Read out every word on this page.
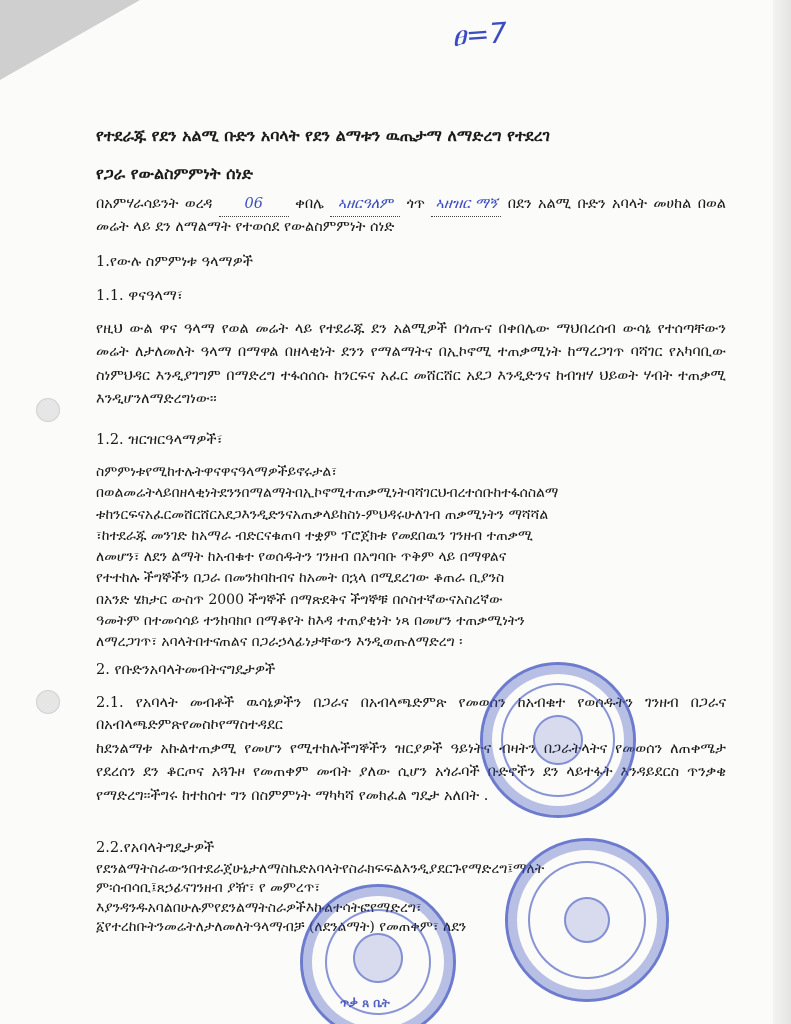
ፀ=7
የተደራጁ የደን አልሚ ቡድን አባላት የደን ልማቱን ዉጤታማ ለማድረግ የተደረገ
የጋራ የውልስምምነት ሰነድ

በአምሃራሳይንት ወረዳ 06 ቀበሌ ኣዘርዓለም ጎጥ ኣዘዝር ማኝ በደን አልሚ ቡድን አባላት መሀከል በወል መሬት ላይ ደን ለማልማት የተወሰደ የውልስምምነት ሰነድ

1.የውሉ ስምምነቱ ዓላማዎች
1.1. ዋናዓላማ፣

የዚህ ውል ዋና ዓላማ የወል መሬት ላይ የተደራጁ ደን አልሚዎች በጎጡና በቀበሌው ማህበረሰብ ውሳኔ የተሰጣቸውን መሬት ለታለመለት ዓላማ በማዋል በዘላቂነት ደንን የማልማትና በኢኮኖሚ ተጠቃሚነት ከማረጋገጥ ባሻገር የአካባቢው ስነምህዳር እንዲያገግም በማድረግ ተፋሰሰሱ ከንርፍና አፈር መሸርሸር አደጋ እንዲድንና ከብዝሃ ህይወት ሃብት ተጠቃሚ እንዲሆንለማድረግነው፡፡

1.2. ዝርዝርዓላማዎች፣

ስምምነቱየሚከተሉትዋናዋናዓላማዎችይኖሩታል፣

በወልመሬትላይበዘላቂነትደንንበማልማትበኢኮኖሚተጠቃሚነትባሻገርህብረተሰቡከተፋሰስልማ

ቱከንርፍናአፈርመሸርሸርአደጋእንዲድንናአጠቃላይከስነ-ምህዳሩሁለገብ ጠቃሚነትን ማሻሻል

፣ከተደራጁ መንገድ ከአማራ ብድርናቁጠባ ተቋም ፕሮጀክቱ የመደበዉን ገንዘብ ተጠቃሚ

ለመሆን፣ ለደን ልማት ከአብቁተ የወሰዱትን ገንዘብ በአግባቡ ጥቅም ላይ በማዋልና

የተተከሉ ችግኞችን በጋራ በመንከባከብና ከአመት በኋላ በሚደረገው ቆጠራ ቢያንስ

በአንድ ሄክታር ውስጥ 2000 ችግኞች በማጽደቅና ችግኞቹ በሶስተኛውናአስረኛው

ዓመትም በተመሳሳይ ተንከባክቦ በማቆየት ከእዳ ተጠያቂነት ነጻ በመሆን ተጠቃሚነትን

ለማረጋገጥ፣ አባላትበተናጠልና በጋራኃላፊነታቸውን እንዲወጡለማድረግ ፡

2. የቡድንአባላትመብትናግዴታዎች

2.1. የአባላት መብቶች ዉሳኔዎችን በጋራና በአብላጫድምጽ የመወሰን ከአብቁተ የወሰዱትን ገንዘብ በጋራና በአብላጫድምጽየመስኮየማስተዳደር

ከደንልማቱ አኩልተጠቃሚ የመሆን የሚተከሉችግኞችን ዝርያዎች ዓይነትና ብዛትን በጋራትላትና የመወሰን ለጠቀሜታ የደረሰን ደን ቆርጦና አጓጉዞ የመጠቀም መብት ያለው ሲሆን አጎራባች ቡድኖችን ደን ላይተፋት እንዳይደርስ ጥንቃቄ የማድረግ፡፡ችግሩ ከተከሰተ ግን በስምምነት ማካካሻ የመክፈል ግዴታ አለበት .

2.2.የአባላትግዴታዎች

የደንልማትስራውንበተደራጀሁኔታለማስኬድአባላትየስራክፍፍልእንዲያደርጉየማድረግ፤ማለት

ም፡ሰብሳቢ፤ጸኃፊናገንዘብ ያዥ፣ የ መምረጥ፣

እያንዳንዱአባልበሁሉምየደንልማትስራዎችእኩልተሳትፎየማድረግ፣

፩የተረከቡትንመሬትለታለመለትዓላማብቻ (ለደንልማት) የመጠቀም፣ ለደን

ጥቃ ጸ ቤት
